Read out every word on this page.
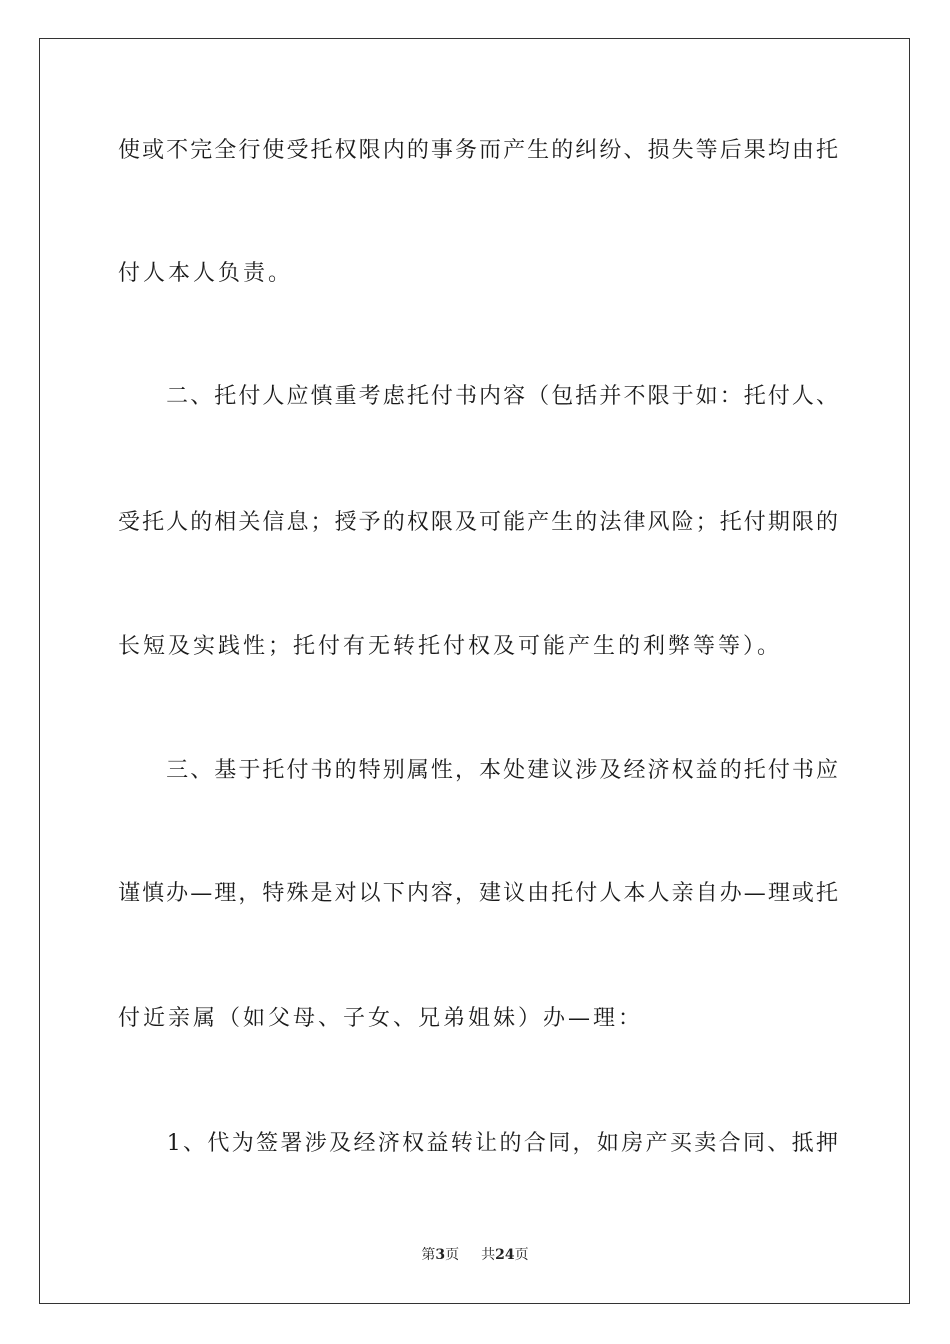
使或不完全行使受托权限内的事务而产生的纠纷、损失等后果均由托
付人本人负责。
　　二、托付人应慎重考虑托付书内容（包括并不限于如：托付人、
受托人的相关信息；授予的权限及可能产生的法律风险；托付期限的
长短及实践性；托付有无转托付权及可能产生的利弊等等）。
　　三、基于托付书的特别属性，本处建议涉及经济权益的托付书应
谨慎办—理，特殊是对以下内容，建议由托付人本人亲自办—理或托
付近亲属（如父母、子女、兄弟姐妹）办—理：
　　1、代为签署涉及经济权益转让的合同，如房产买卖合同、抵押
第3页 共24页
